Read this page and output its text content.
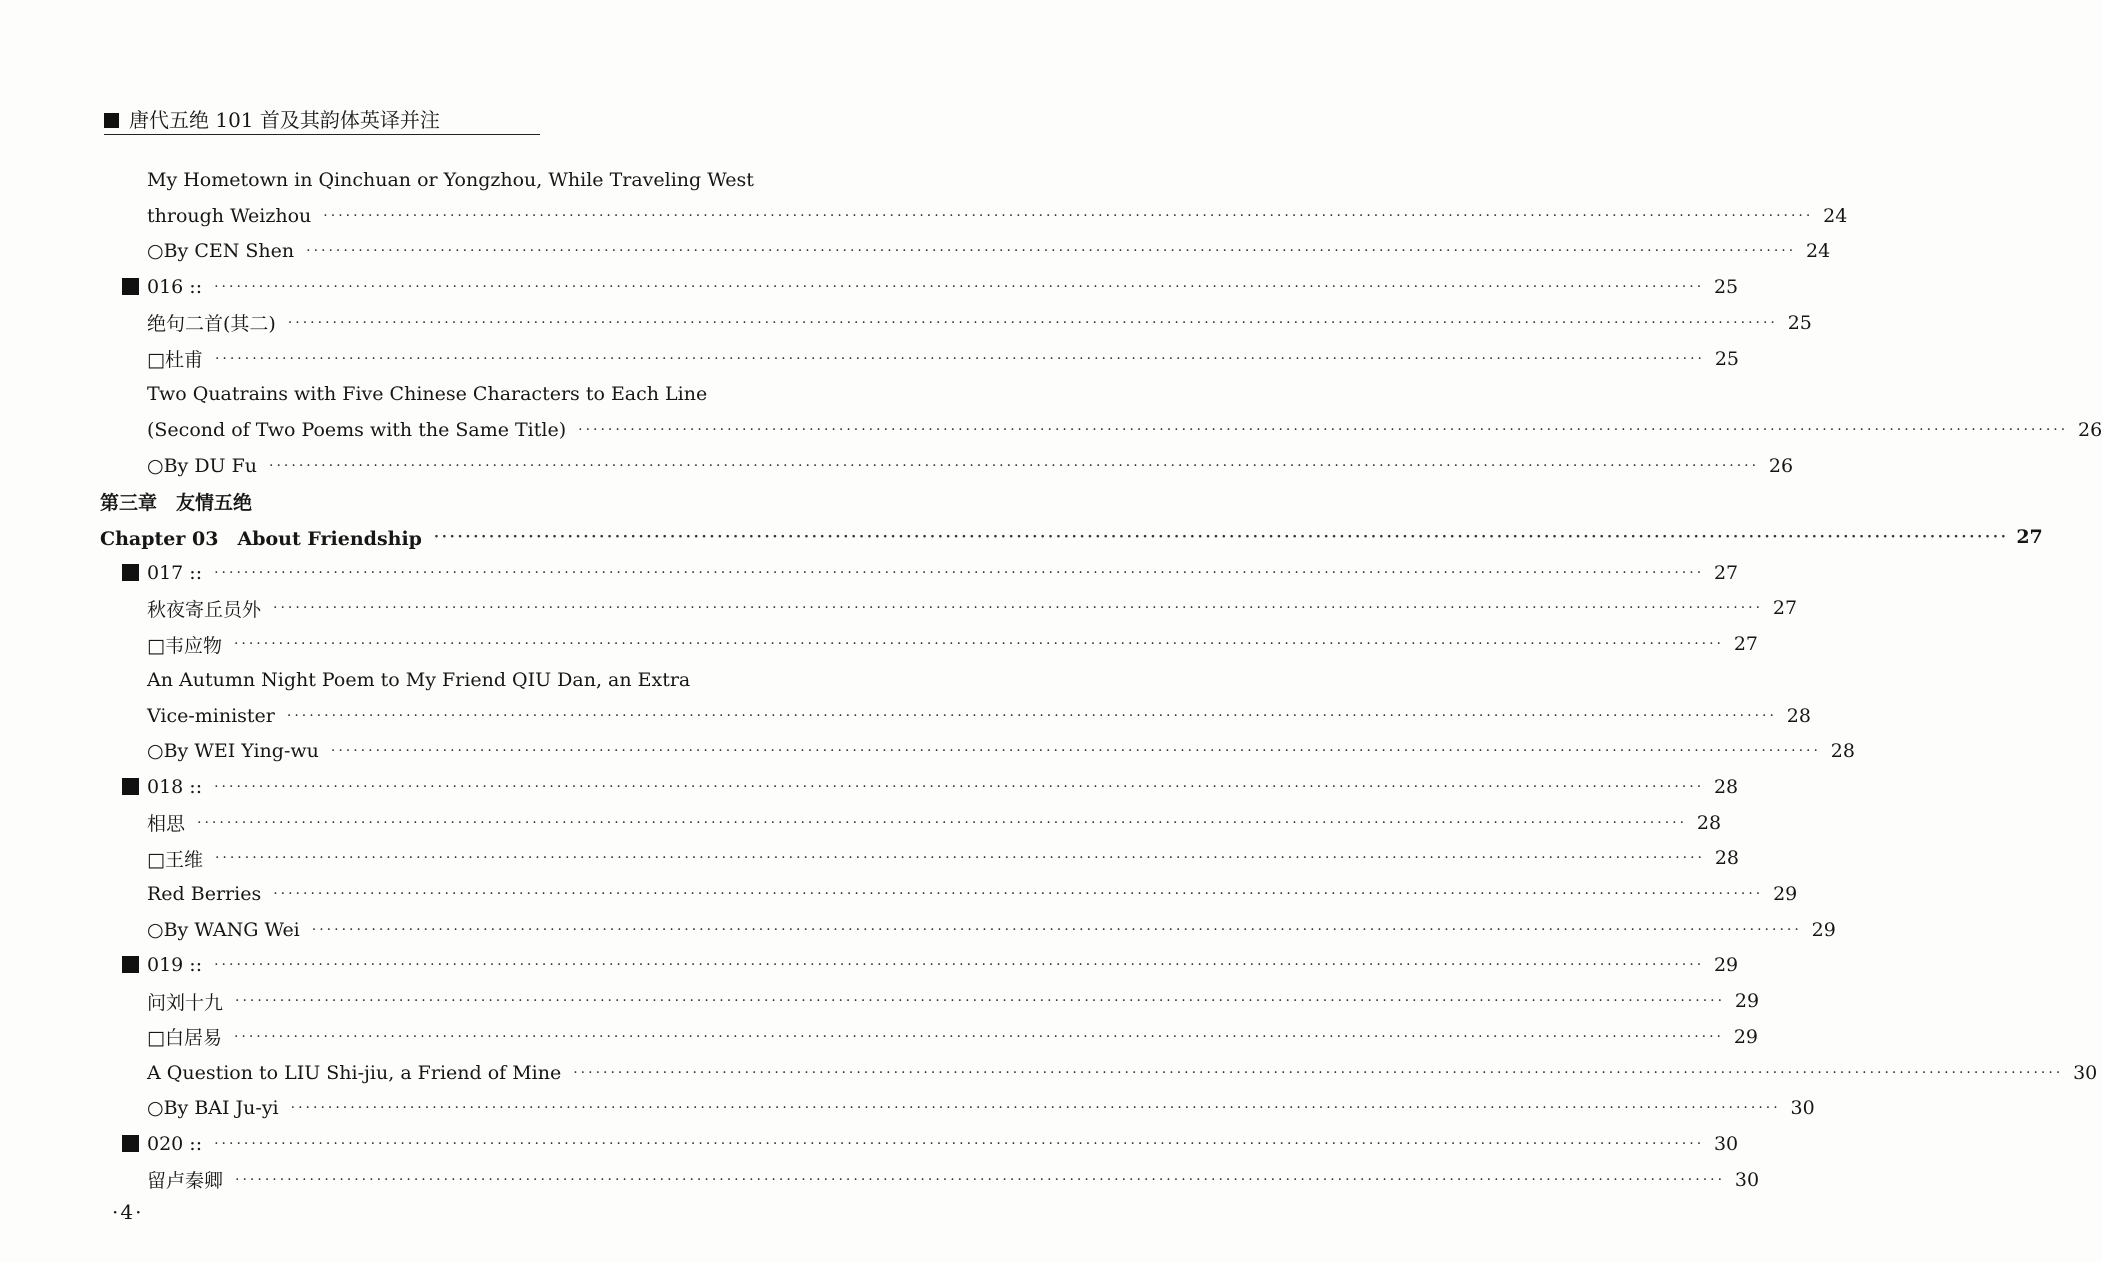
唐代五绝 101 首及其韵体英译并注
My Hometown in Qinchuan or Yongzhou, While Traveling West
through Weizhou ········································································································································································································ 24
○By CEN Shen ········································································································································································································ 24
016 :: ········································································································································································································ 25
绝句二首(其二) ········································································································································································································ 25
□杜甫 ········································································································································································································ 25
Two Quatrains with Five Chinese Characters to Each Line
(Second of Two Poems with the Same Title) ········································································································································································································ 26
○By DU Fu ········································································································································································································ 26
第三章　友情五绝
Chapter 03　About Friendship ········································································································································································································ 27
017 :: ········································································································································································································ 27
秋夜寄丘员外 ········································································································································································································ 27
□韦应物 ········································································································································································································ 27
An Autumn Night Poem to My Friend QIU Dan, an Extra
Vice-minister ········································································································································································································ 28
○By WEI Ying-wu ········································································································································································································ 28
018 :: ········································································································································································································ 28
相思 ········································································································································································································ 28
□王维 ········································································································································································································ 28
Red Berries ········································································································································································································ 29
○By WANG Wei ········································································································································································································ 29
019 :: ········································································································································································································ 29
问刘十九 ········································································································································································································ 29
□白居易 ········································································································································································································ 29
A Question to LIU Shi-jiu, a Friend of Mine ········································································································································································································ 30
○By BAI Ju-yi ········································································································································································································ 30
020 :: ········································································································································································································ 30
留卢秦卿 ········································································································································································································ 30
·4·
